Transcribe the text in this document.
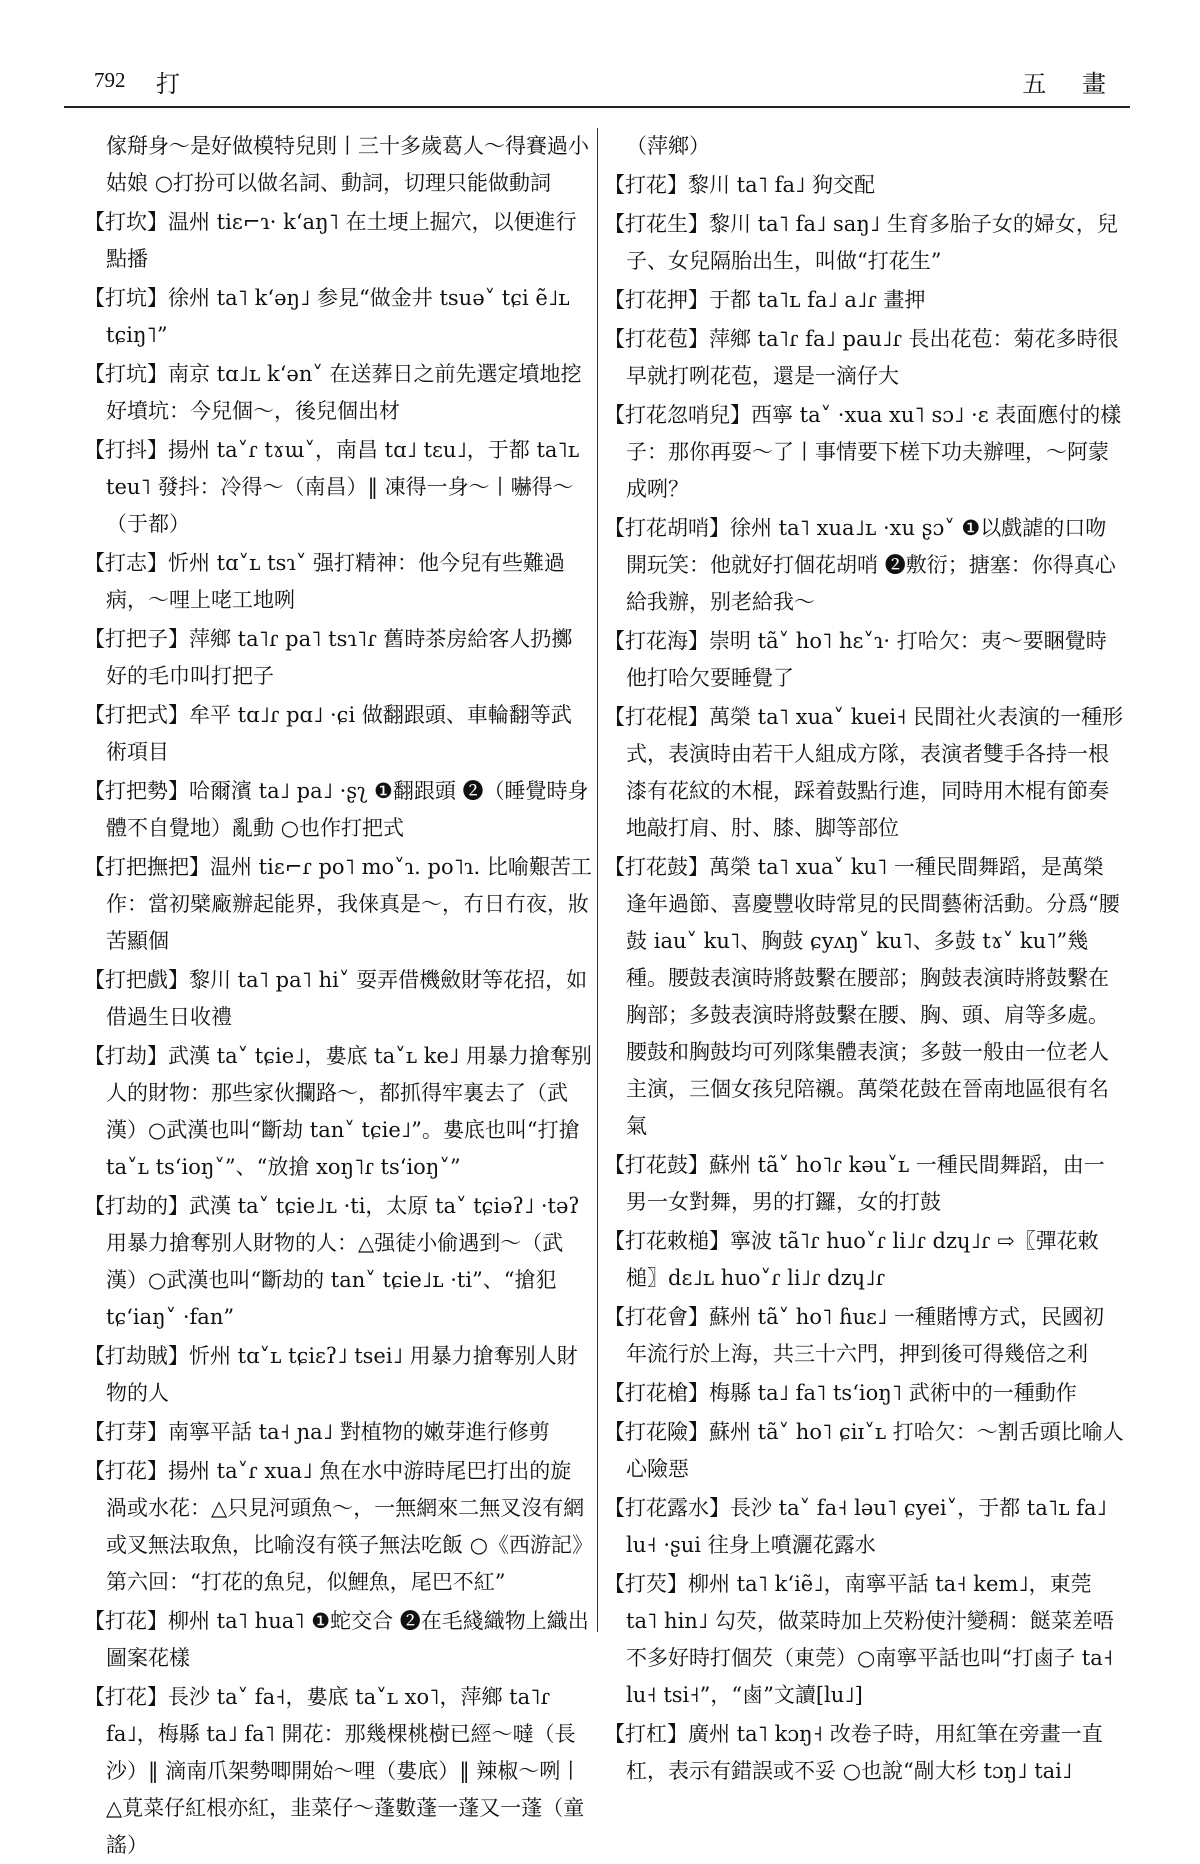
792 打	五 畫

傢搿身～是好做模特兒則丨三十多歲葛人～得賽過小姑娘 ○打扮可以做名詞、動詞，切理只能做動詞

【打坎】温州 tiɛ⌐ɿ· kʻaŋ˥ 在土埂上掘穴，以便進行點播

【打坑】徐州 ta˥ kʻəŋ˩ 参見“做金井 tsuə˅ tɕi ẽ˩ʟ tɕiŋ˥”

【打坑】南京 tɑ˩ʟ kʻən˅ 在送葬日之前先選定墳地挖好墳坑：今兒個～，後兒個出材

【打抖】揚州 ta˅ɾ tɤɯ˅，南昌 tɑ˩ tɛu˩，于都 ta˥ʟ teu˥ 發抖：冷得～（南昌）‖ 凍得一身～丨嚇得～（于都）

【打志】忻州 tɑ˅ʟ tsɿ˅ 强打精神：他今兒有些難過病，～哩上咾工地咧

【打把子】萍鄉 ta˥ɾ pa˥ tsɿ˥ɾ 舊時茶房給客人扔擲好的毛巾叫打把子

【打把式】牟平 tɑ˩ɾ pɑ˩ ·ɕi 做翻跟頭、車輪翻等武術項目

【打把勢】哈爾濱 ta˩ pa˩ ·ʂʅ ❶翻跟頭 ❷（睡覺時身體不自覺地）亂動 ○也作打把式

【打把撫把】温州 tiɛ⌐ɾ po˥ mo˅ɿ. po˥ɿ. 比喻艱苦工作：當初檗廠辦起能界，我俫真是～，冇日冇夜，妝苦顯個

【打把戲】黎川 ta˥ pa˥ hi˅ 耍弄借機斂財等花招，如借過生日收禮

【打劫】武漢 ta˅ tɕie˩，婁底 ta˅ʟ ke˩ 用暴力搶奪别人的財物：那些家伙攔路～，都抓得牢裏去了（武漢）○武漢也叫“斷劫 tan˅ tɕie˩”。婁底也叫“打搶 ta˅ʟ tsʻioŋ˅”、“放搶 xoŋ˥ɾ tsʻioŋ˅”

【打劫的】武漢 ta˅ tɕie˩ʟ ·ti，太原 ta˅ tɕiəʔ˩ ·təʔ 用暴力搶奪别人財物的人：△强徒小偷遇到～（武漢）○武漢也叫“斷劫的 tan˅ tɕie˩ʟ ·ti”、“搶犯 tɕʻiaŋ˅ ·fan”

【打劫賊】忻州 tɑ˅ʟ tɕiɛʔ˩ tsei˩ 用暴力搶奪别人財物的人

【打芽】南寧平話 ta˧ ɲa˩ 對植物的嫩芽進行修剪

【打花】揚州 ta˅ɾ xua˩ 魚在水中游時尾巴打出的旋渦或水花：△只見河頭魚～，一無網來二無叉沒有網或叉無法取魚，比喻沒有筷子無法吃飯 ○《西游記》第六回：“打花的魚兒，似鯉魚，尾巴不紅”

【打花】柳州 ta˥ hua˥ ❶蛇交合 ❷在毛綫織物上織出圖案花樣

【打花】長沙 ta˅ fa˧，婁底 ta˅ʟ xo˥，萍鄉 ta˥ɾ fa˩，梅縣 ta˩ fa˥ 開花：那幾棵桃樹已經～噠（長沙）‖ 滴南爪架勢唧開始～哩（婁底）‖ 辣椒～咧丨△莧菜仔紅根亦紅，韭菜仔～蓬數蓬一蓬又一蓬（童謠）

（萍鄉）

【打花】黎川 ta˥ fa˩ 狗交配

【打花生】黎川 ta˥ fa˩ saŋ˩ 生育多胎子女的婦女，兒子、女兒隔胎出生，叫做“打花生”

【打花押】于都 ta˥ʟ fa˩ a˩ɾ 畫押

【打花苞】萍鄉 ta˥ɾ fa˩ pau˩ɾ 長出花苞：菊花多時很早就打咧花苞，還是一滴仔大

【打花忽哨兒】西寧 ta˅ ·xua xu˥ sɔ˩ ·ɛ 表面應付的樣子：那你再耍～了丨事情要下槎下功夫辦哩，～阿蒙成咧？

【打花胡哨】徐州 ta˥ xua˩ʟ ·xu ʂɔ˅ ❶以戲謔的口吻開玩笑：他就好打個花胡哨 ❷敷衍；搪塞：你得真心給我辦，别老給我～

【打花海】崇明 tã˅ ho˥ hɛ˅ɿ· 打哈欠：夷～要睏覺時他打哈欠要睡覺了

【打花棍】萬榮 ta˥ xua˅ kuei˧ 民間社火表演的一種形式，表演時由若干人組成方隊，表演者雙手各持一根漆有花紋的木棍，踩着鼓點行進，同時用木棍有節奏地敲打肩、肘、膝、脚等部位

【打花鼓】萬榮 ta˥ xua˅ ku˥ 一種民間舞蹈，是萬榮逢年過節、喜慶豐收時常見的民間藝術活動。分爲“腰鼓 iau˅ ku˥、胸鼓 ɕyʌŋ˅ ku˥、多鼓 tɤ˅ ku˥”幾種。腰鼓表演時將鼓繫在腰部；胸鼓表演時將鼓繫在胸部；多鼓表演時將鼓繫在腰、胸、頭、肩等多處。腰鼓和胸鼓均可列隊集體表演；多鼓一般由一位老人主演，三個女孩兒陪襯。萬榮花鼓在晉南地區很有名氣

【打花鼓】蘇州 tã˅ ho˥ɾ kəu˅ʟ 一種民間舞蹈，由一男一女對舞，男的打鑼，女的打鼓

【打花敕槌】寧波 tã˥ɾ huo˅ɾ li˩ɾ dzɥ˩ɾ ⇨〖彈花敕槌〗dɛ˩ʟ huo˅ɾ li˩ɾ dzɥ˩ɾ

【打花會】蘇州 tã˅ ho˥ ɦuɛ˩ 一種賭博方式，民國初年流行於上海，共三十六門，押到後可得幾倍之利

【打花槍】梅縣 ta˩ fa˥ tsʻioŋ˥ 武術中的一種動作

【打花險】蘇州 tã˅ ho˥ ɕiɪ˅ʟ 打哈欠：～割舌頭比喻人心險惡

【打花露水】長沙 ta˅ fa˧ ləu˥ ɕyei˅，于都 ta˥ʟ fa˩ lu˧ ·ʂui 往身上噴灑花露水

【打芡】柳州 ta˥ kʻiẽ˩，南寧平話 ta˧ kem˩，東莞 ta˥ hin˩ 勾芡，做菜時加上芡粉使汁變稠：餸菜差唔不多好時打個芡（東莞）○南寧平話也叫“打鹵子 ta˧ lu˧ tsi˧”，“鹵”文讀[lu˩]

【打杠】廣州 ta˥ kɔŋ˧ 改卷子時，用紅筆在旁畫一直杠，表示有錯誤或不妥 ○也說“剮大杉 tɔŋ˩ tai˩
